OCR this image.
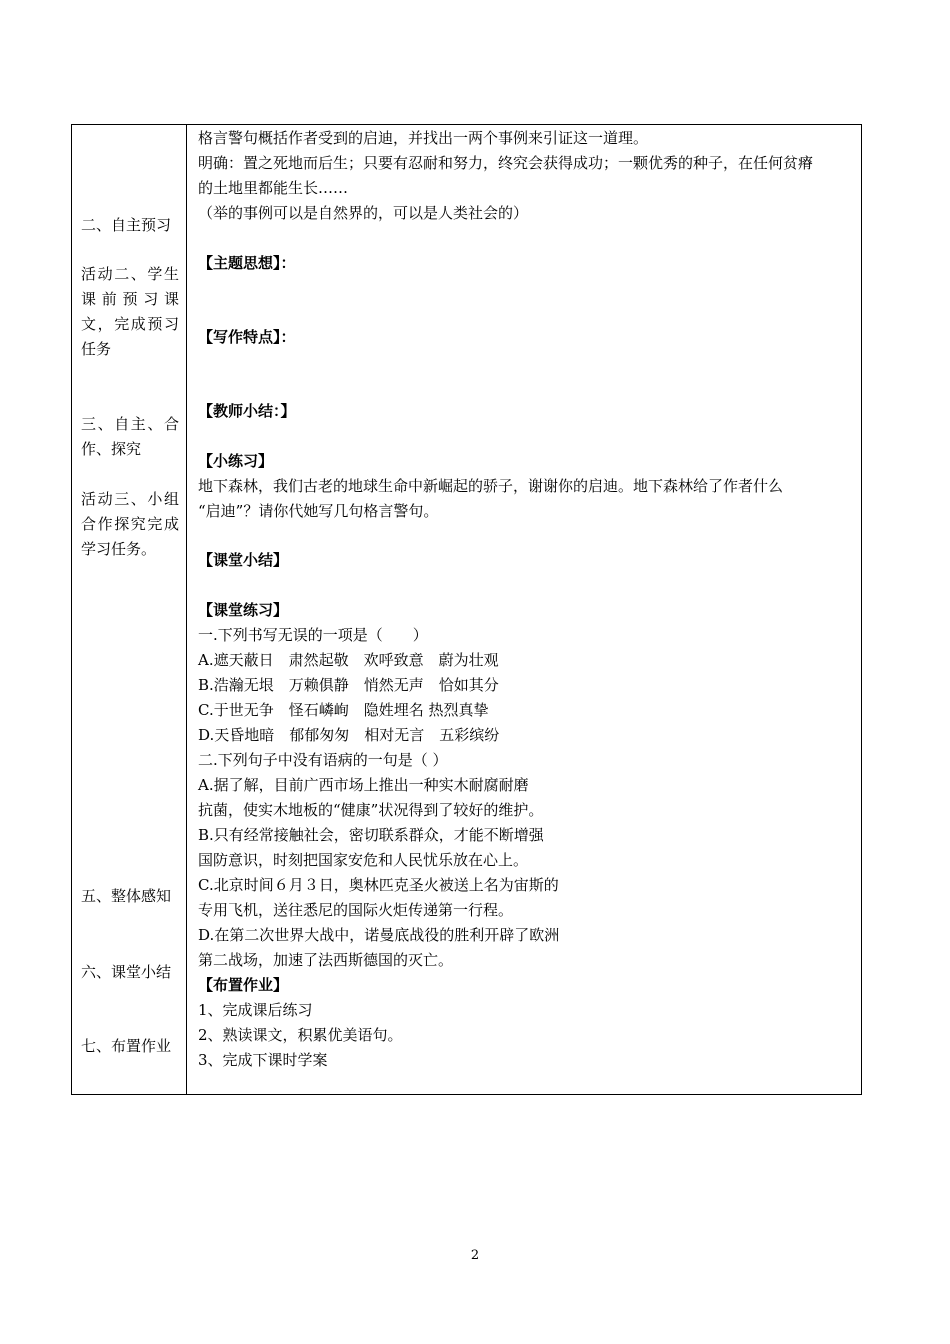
二、自主预习
活动二、学生课前预习课文，完成预习任务
三、自主、合作、探究
活动三、小组合作探究完成学习任务。
五、整体感知
六、课堂小结
七、布置作业
格言警句概括作者受到的启迪，并找出一两个事例来引证这一道理。
明确：置之死地而后生；只要有忍耐和努力，终究会获得成功；一颗优秀的种子，在任何贫瘠
的土地里都能生长……
（举的事例可以是自然界的，可以是人类社会的）
【主题思想】：
【写作特点】：
【教师小结：】
【小练习】
地下森林，我们古老的地球生命中新崛起的骄子，谢谢你的启迪。地下森林给了作者什么
“启迪”？请你代她写几句格言警句。
【课堂小结】
【课堂练习】
一.下列书写无误的一项是（　　）
A.遮天蔽日　肃然起敬　欢呼致意　蔚为壮观
B.浩瀚无垠　万赖俱静　悄然无声　恰如其分
C.于世无争　怪石嶙峋　隐姓埋名 热烈真挚
D.天昏地暗　郁郁匆匆　相对无言　五彩缤纷
二.下列句子中没有语病的一句是（ ）
A.据了解，目前广西市场上推出一种实木耐腐耐磨
抗菌，使实木地板的“健康”状况得到了较好的维护。
B.只有经常接触社会，密切联系群众，才能不断增强
国防意识，时刻把国家安危和人民忧乐放在心上。
C.北京时间６月３日，奥林匹克圣火被送上名为宙斯的
专用飞机，送往悉尼的国际火炬传递第一行程。
D.在第二次世界大战中，诺曼底战役的胜利开辟了欧洲
第二战场，加速了法西斯德国的灭亡。
【布置作业】
1、完成课后练习
2、熟读课文，积累优美语句。
3、完成下课时学案
2
